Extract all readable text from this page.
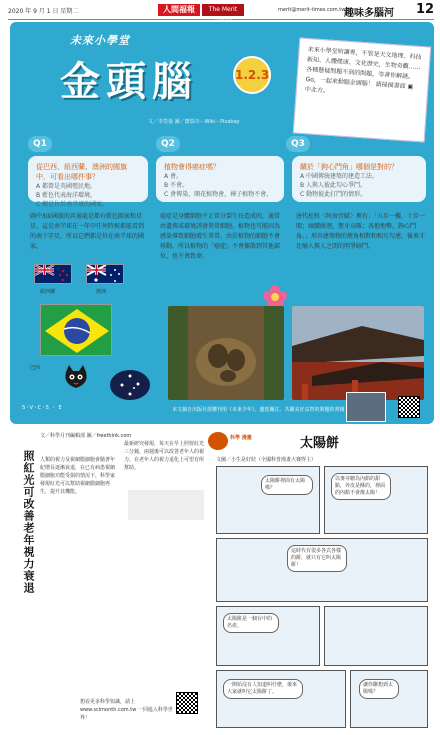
2020 年 9 月 1 日 星期二	人間福報	The Merit	merit@merit-times.com.tw
趣味多腦河 12
未來小學堂
金頭腦	1.2.3
文／李岱蓁 圖／寶瑞奇－Wiki－Pixabay
未來小學堂明讀專，不管是天文地理、科技新知、人體健康、文化歷史，生物奇觀……各種懸疑問題不到的問題，等著你解謎。Go，一起來動腦金頭腦！ 請掃描書面 ▣ 中北方。
Q1	Q2	Q3
從巴西、紐西蘭、澳洲的國旗中，可看出哪件事？
A 都曾是英國殖民地。
B 藍色代表海洋環境。
C 都是位於南半球的國家。
圖中3面國旗的共通處是都有藍色圖案和星星，這是南半球在一年中任何時候都能看到的南十字星，所以它們都是位在南半球的國家。
紐西蘭	澳洲
巴西
植物會得癌症嗎？
A 會。
B 不會。
C 會傳染，開花植物會，裸子植物不會。
癌症是身體細胞不正常分裂生長造成的，通常由遺傳或環境誘發異常細胞。植物也可能因為感染導致細胞增生異常。由於植物的細胞不會移動，所以植物的「癌症」不會擴散到其他部位，也不會致命。
關於「鉤心鬥角」哪個是對的？
A 中國傳統建築的建造工法。
B 人與人彼此勾心爭鬥。
C 動物彼此打鬥的情形。
唐代杜牧〈阿房宮賦〉裡有：「五步一樓，十步一閣；廊腰縵迴，簷牙高啄；各抱地勢，鉤心鬥角。」形容建築物的簷角相對和相互勾連。後來才比喻人與人之間的明爭暗鬥。
S･V･C･S ･ E	本文摘自出版社授權刊用《未來少年》。邀您關注、共鑑美好益智的問題的書籍
照紅光可改善老年視力衰退
文／科學月刊編輯部 圖／freethink.com
人類的視力及視網膜細胞會隨著年紀增長逐漸衰退，在已有病患視網膜細胞功能受損的情況下，科學家發現紅光可以幫助視網膜細胞再生，提升其機能。
最新研究發現，每天在早上照射紅光三分鐘，兩週後可以改善老年人的視力，在老年人的視力退化上可望有所幫助。
想看更多科學知識，請上 www.scimonth.com.tw 一同進入科學世界！
科學 漫畫	太陽餅
文圖／小生是好狀（全國科普漫畫大賽得主）
太陽餅裡面有太陽嗎？
以麥芽糖為內餡的甜點，外皮是酥的，裡面的內餡不會像太陽！
這時代有很多各式各樣的餅，就只有它叫太陽餅！
太陽餅是一個台中的名產，
一開始沒有人知道叫什麼，後來大家就叫它太陽餅了。
讓你聯想到太陽嗎？
